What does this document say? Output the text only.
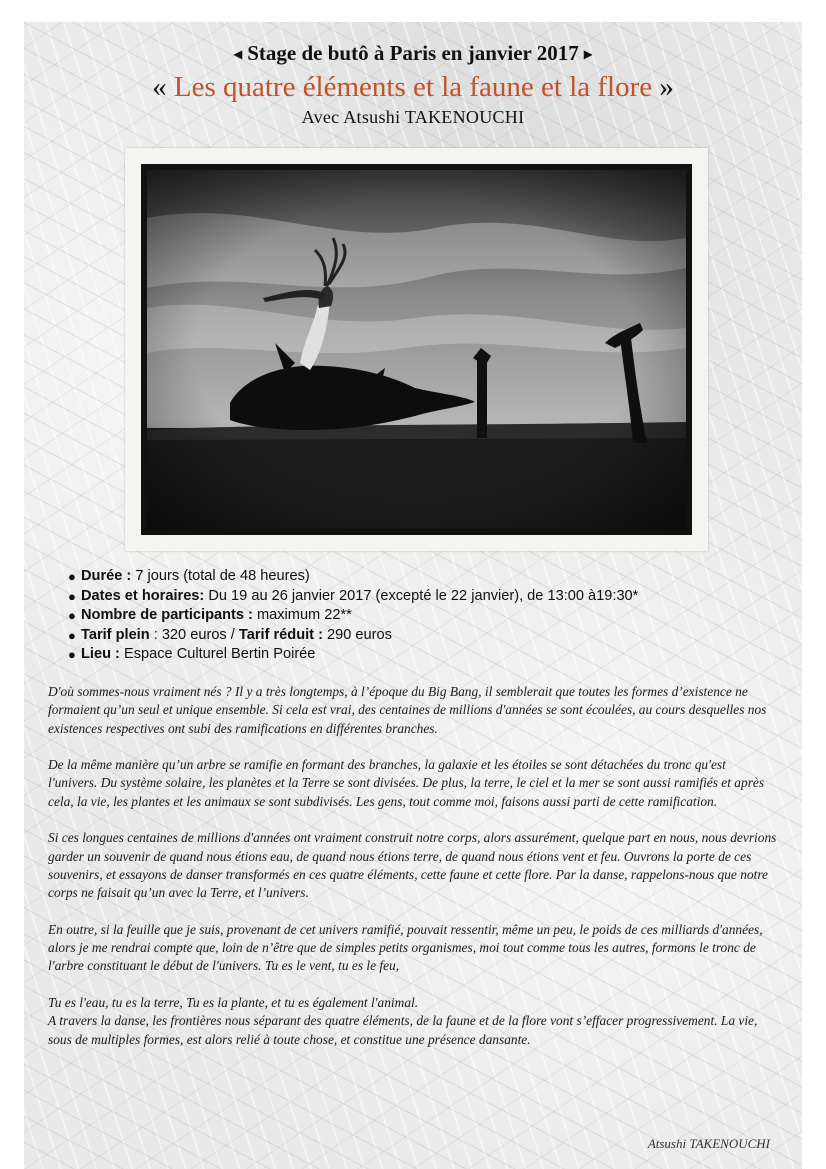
◂ Stage de butô à Paris en janvier 2017 ▸
« Les quatre éléments et la faune et la flore »
Avec Atsushi TAKENOUCHI
● Durée : 7 jours (total de 48 heures)
● Dates et horaires: Du 19 au 26 janvier 2017 (excepté le 22 janvier), de 13:00 à19:30*
● Nombre de participants : maximum 22**
● Tarif plein : 320 euros / Tarif réduit : 290 euros
● Lieu : Espace Culturel Bertin Poirée

D'où sommes-nous vraiment nés ? Il y a très longtemps, à l’époque du Big Bang, il semblerait que toutes les formes d’existence ne formaient qu’un seul et unique ensemble. Si cela est vrai, des centaines de millions d'années se sont écoulées, au cours desquelles nos existences respectives ont subi des ramifications en différentes branches.

De la même manière qu’un arbre se ramifie en formant des branches, la galaxie et les étoiles se sont détachées du tronc qu'est l'univers. Du système solaire, les planètes et la Terre se sont divisées. De plus, la terre, le ciel et la mer se sont aussi ramifiés et après cela, la vie, les plantes et les animaux se sont subdivisés. Les gens, tout comme moi, faisons aussi parti de cette ramification.

Si ces longues centaines de millions d'années ont vraiment construit notre corps, alors assurément, quelque part en nous, nous devrions garder un souvenir de quand nous étions eau, de quand nous étions terre, de quand nous étions vent et feu. Ouvrons la porte de ces souvenirs, et essayons de danser transformés en ces quatre éléments, cette faune et cette flore. Par la danse, rappelons-nous que notre corps ne faisait qu’un avec la Terre, et l’univers.

En outre, si la feuille que je suis, provenant de cet univers ramifié, pouvait ressentir, même un peu, le poids de ces milliards d'années, alors je me rendrai compte que, loin de n’être que de simples petits organismes, moi tout comme tous les autres, formons le tronc de l'arbre constituant le début de l'univers. Tu es le vent, tu es le feu,

Tu es l'eau, tu es la terre, Tu es la plante, et tu es également l'animal.

A travers la danse, les frontières nous séparant des quatre éléments, de la faune et de la flore vont s’effacer progressivement. La vie, sous de multiples formes, est alors relié à toute chose, et constitue une présence dansante.

Atsushi TAKENOUCHI
